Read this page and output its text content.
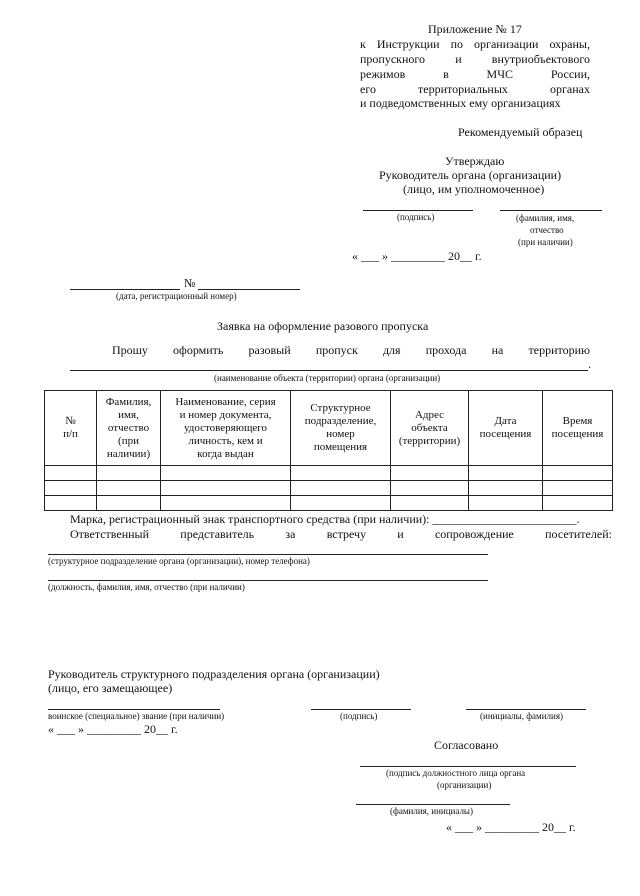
Приложение № 17
к Инструкции по организации охраны,
пропускного и внутриобъектового
режимов в МЧС России,
его территориальных органах
и подведомственных ему организациях
Рекомендуемый образец
Утверждаю
Руководитель органа (организации)
(лицо, им уполномоченное)
(подпись)	(фамилия, имя,
отчество
(при наличии)
« ___ » _________ 20__ г.
№
(дата, регистрационный номер)
Заявка на оформление разового пропуска
Прошу оформить разовый пропуск для прохода на территорию
.
(наименование объекта (территории) органа (организации)
№
п/п	Фамилия,
имя,
отчество
(при
наличии)	Наименование, серия
и номер документа,
удостоверяющего
личность, кем и
когда выдан	Структурное
подразделение,
номер
помещения	Адрес
объекта
(территории)	Дата
посещения	Время
посещения

Марка, регистрационный знак транспортного средства (при наличии): ________________________.
Ответственный	представитель	за	встречу	и	сопровождение	посетителей:
(структурное подразделение органа (организации), номер телефона)
(должность, фамилия, имя, отчество (при наличии)
Руководитель структурного подразделения органа (организации)
(лицо, его замещающее)
воинское (специальное) звание (при наличии)	(подпись)	(инициалы, фамилия)
« ___ » _________ 20__ г.
Согласовано
(подпись должностного лица органа
(организации)
(фамилия, инициалы)
« ___ » _________ 20__ г.
